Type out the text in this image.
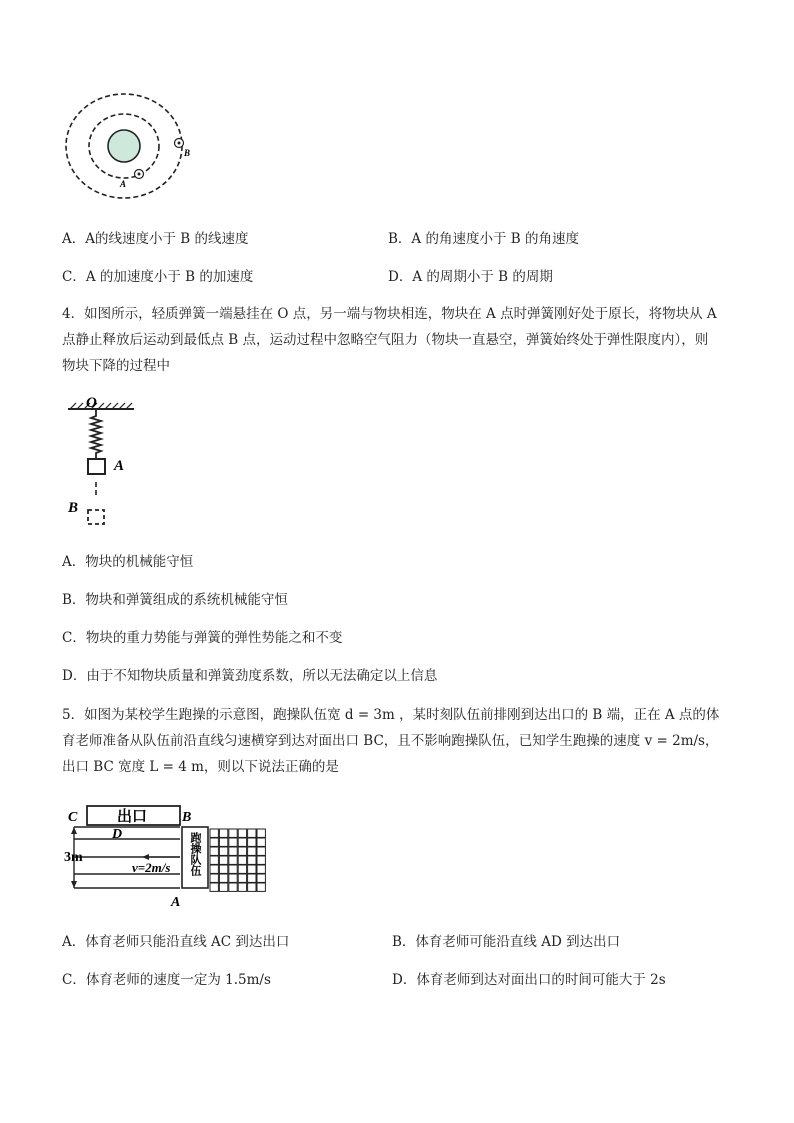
A
B
A．A的线速度小于 B 的线速度	B．A 的角速度小于 B 的角速度
C．A 的加速度小于 B 的加速度	D．A 的周期小于 B 的周期
4．如图所示，轻质弹簧一端悬挂在 O 点，另一端与物块相连，物块在 A 点时弹簧刚好处于原长，将物块从 A
点静止释放后运动到最低点 B 点，运动过程中忽略空气阻力（物块一直悬空，弹簧始终处于弹性限度内），则
物块下降的过程中
O
A
B
A．物块的机械能守恒
B．物块和弹簧组成的系统机械能守恒
C．物块的重力势能与弹簧的弹性势能之和不变
D．由于不知物块质量和弹簧劲度系数，所以无法确定以上信息
5．如图为某校学生跑操的示意图，跑操队伍宽 d = 3m ，某时刻队伍前排刚到达出口的 B 端，正在 A 点的体
育老师准备从队伍前沿直线匀速横穿到达对面出口 BC，且不影响跑操队伍，已知学生跑操的速度 v = 2m/s，
出口 BC 宽度 L = 4 m，则以下说法正确的是
出口
C	B
D
3m
v=2m/s 跑操队伍
A
A．体育老师只能沿直线 AC 到达出口	B．体育老师可能沿直线 AD 到达出口
C．体育老师的速度一定为 1.5m/s	D．体育老师到达对面出口的时间可能大于 2s
